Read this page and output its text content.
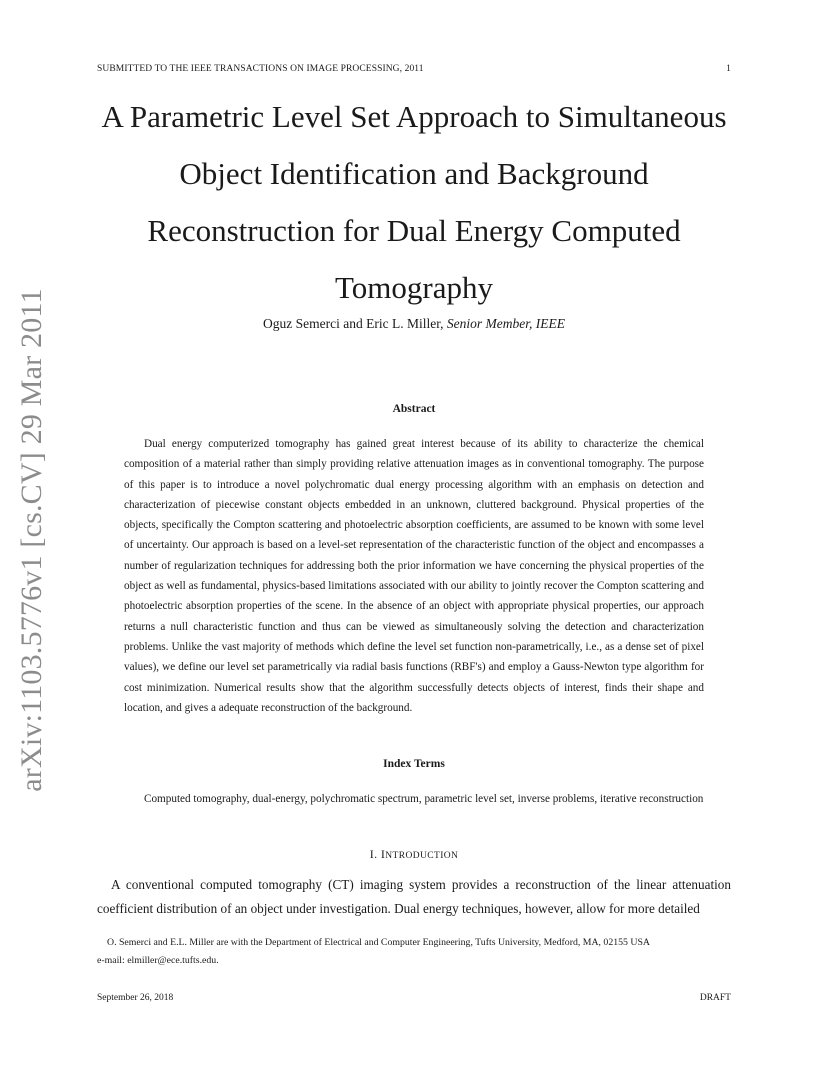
SUBMITTED TO THE IEEE TRANSACTIONS ON IMAGE PROCESSING, 2011	1
arXiv:1103.5776v1 [cs.CV] 29 Mar 2011
A Parametric Level Set Approach to Simultaneous Object Identification and Background Reconstruction for Dual Energy Computed Tomography
Oguz Semerci and Eric L. Miller, Senior Member, IEEE
Abstract

Dual energy computerized tomography has gained great interest because of its ability to characterize the chemical composition of a material rather than simply providing relative attenuation images as in conventional tomography. The purpose of this paper is to introduce a novel polychromatic dual energy processing algorithm with an emphasis on detection and characterization of piecewise constant objects embedded in an unknown, cluttered background. Physical properties of the objects, specifically the Compton scattering and photoelectric absorption coefficients, are assumed to be known with some level of uncertainty. Our approach is based on a level-set representation of the characteristic function of the object and encompasses a number of regularization techniques for addressing both the prior information we have concerning the physical properties of the object as well as fundamental, physics-based limitations associated with our ability to jointly recover the Compton scattering and photoelectric absorption properties of the scene. In the absence of an object with appropriate physical properties, our approach returns a null characteristic function and thus can be viewed as simultaneously solving the detection and characterization problems. Unlike the vast majority of methods which define the level set function non-parametrically, i.e., as a dense set of pixel values), we define our level set parametrically via radial basis functions (RBF's) and employ a Gauss-Newton type algorithm for cost minimization. Numerical results show that the algorithm successfully detects objects of interest, finds their shape and location, and gives a adequate reconstruction of the background.

Index Terms

Computed tomography, dual-energy, polychromatic spectrum, parametric level set, inverse problems, iterative reconstruction

I. INTRODUCTION

A conventional computed tomography (CT) imaging system provides a reconstruction of the linear attenuation coefficient distribution of an object under investigation. Dual energy techniques, however, allow for more detailed

O. Semerci and E.L. Miller are with the Department of Electrical and Computer Engineering, Tufts University, Medford, MA, 02155 USA
e-mail: elmiller@ece.tufts.edu.
September 26, 2018	DRAFT
